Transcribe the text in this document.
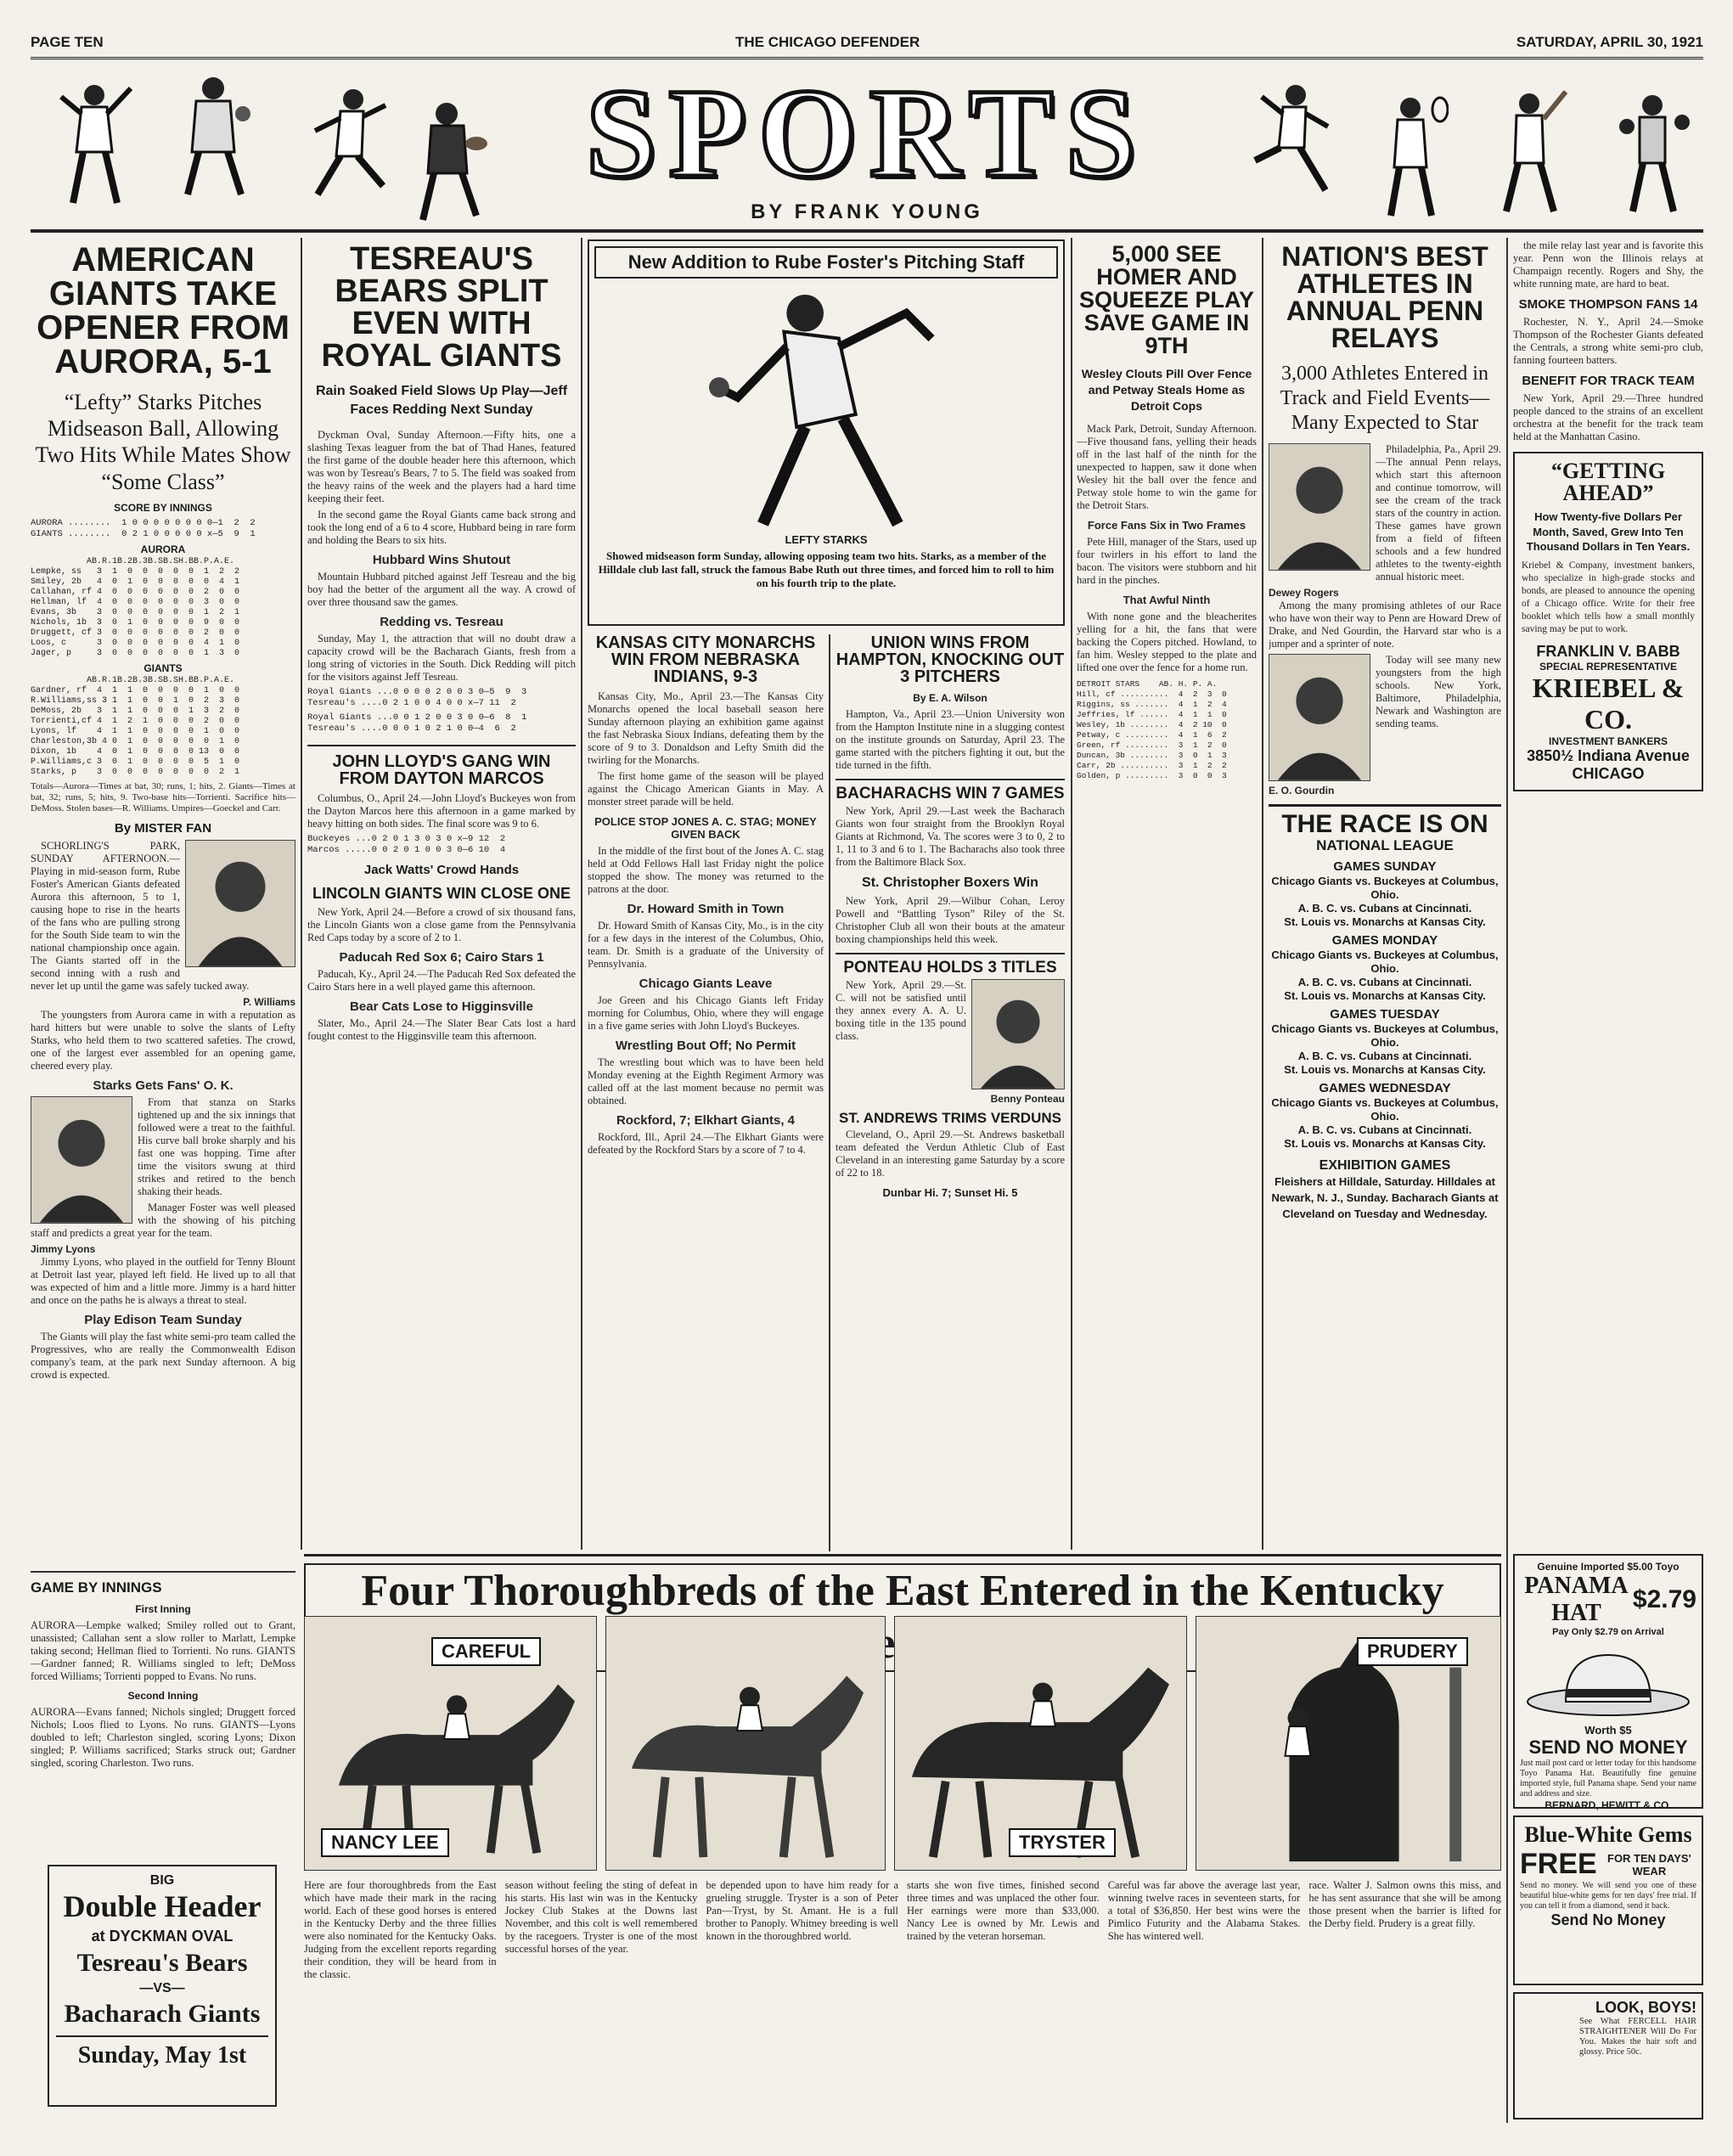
PAGE TEN	THE CHICAGO DEFENDER	SATURDAY, APRIL 30, 1921
SPORTS
BY FRANK YOUNG
AMERICAN GIANTS TAKE OPENER FROM AURORA, 5-1
“Lefty” Starks Pitches Midseason Ball, Allowing Two Hits While Mates Show “Some Class”
SCORE BY INNINGS
AURORA ........  1 0 0 0 0 0 0 0 0—1  2  2
GIANTS ........  0 2 1 0 0 0 0 0 x—5  9  1
AURORA
AB.R.1B.2B.3B.SB.SH.BB.P.A.E.
Lempke, ss   3  1  0  0  0  0  0  1  2  2
Smiley, 2b   4  0  1  0  0  0  0  0  4  1
Callahan, rf 4  0  0  0  0  0  0  2  0  0
Hellman, lf  4  0  0  0  0  0  0  3  0  0
Evans, 3b    3  0  0  0  0  0  0  1  2  1
Nichols, 1b  3  0  1  0  0  0  0  9  0  0
Druggett, cf 3  0  0  0  0  0  0  2  0  0
Loos, c      3  0  0  0  0  0  0  4  1  0
Jager, p     3  0  0  0  0  0  0  1  3  0
GIANTS
AB.R.1B.2B.3B.SB.SH.BB.P.A.E.
Gardner, rf  4  1  1  0  0  0  0  1  0  0
R.Williams,ss 3 1  1  0  0  1  0  2  3  0
DeMoss, 2b   3  1  1  0  0  0  1  3  2  0
Torrienti,cf 4  1  2  1  0  0  0  2  0  0
Lyons, lf    4  1  1  0  0  0  0  1  0  0
Charleston,3b 4 0  1  0  0  0  0  0  1  0
Dixon, 1b    4  0  1  0  0  0  0 13  0  0
P.Williams,c 3  0  1  0  0  0  0  5  1  0
Starks, p    3  0  0  0  0  0  0  0  2  1
Totals—Aurora—Times at bat, 30; runs, 1; hits, 2. Giants—Times at bat, 32; runs, 5; hits, 9. Two-base hits—Torrienti. Sacrifice hits—DeMoss. Stolen bases—R. Williams. Umpires—Goeckel and Carr.
By MISTER FAN

SCHORLING'S PARK, SUNDAY AFTERNOON.—Playing in mid-season form, Rube Foster's American Giants defeated Aurora this afternoon, 5 to 1, causing hope to rise in the hearts of the fans who are pulling strong for the South Side team to win the national championship once again. The Giants started off in the second inning with a rush and never let up until the game was safely tucked away.

P. Williams

The youngsters from Aurora came in with a reputation as hard hitters but were unable to solve the slants of Lefty Starks, who held them to two scattered safeties. The crowd, one of the largest ever assembled for an opening game, cheered every play.

Starks Gets Fans' O. K.

From that stanza on Starks tightened up and the six innings that followed were a treat to the faithful. His curve ball broke sharply and his fast one was hopping. Time after time the visitors swung at third strikes and retired to the bench shaking their heads.

Manager Foster was well pleased with the showing of his pitching staff and predicts a great year for the team.

Jimmy Lyons

Jimmy Lyons, who played in the outfield for Tenny Blount at Detroit last year, played left field. He lived up to all that was expected of him and a little more. Jimmy is a hard hitter and once on the paths he is always a threat to steal.

Play Edison Team Sunday

The Giants will play the fast white semi-pro team called the Progressives, who are really the Commonwealth Edison company's team, at the park next Sunday afternoon. A big crowd is expected.

GAME BY INNINGS
First Inning
AURORA—Lempke walked; Smiley rolled out to Grant, unassisted; Callahan sent a slow roller to Marlatt, Lempke taking second; Hellman flied to Torrienti. No runs. GIANTS—Gardner fanned; R. Williams singled to left; DeMoss forced Williams; Torrienti popped to Evans. No runs.
Second Inning
AURORA—Evans fanned; Nichols singled; Druggett forced Nichols; Loos flied to Lyons. No runs. GIANTS—Lyons doubled to left; Charleston singled, scoring Lyons; Dixon singled; P. Williams sacrificed; Starks struck out; Gardner singled, scoring Charleston. Two runs.
BIG
Double Header
at DYCKMAN OVAL
Tesreau's Bears
—VS—
Bacharach Giants
Sunday, May 1st
TESREAU'S BEARS SPLIT EVEN WITH ROYAL GIANTS
Rain Soaked Field Slows Up Play—Jeff Faces Redding Next Sunday

Dyckman Oval, Sunday Afternoon.—Fifty hits, one a slashing Texas leaguer from the bat of Thad Hanes, featured the first game of the double header here this afternoon, which was won by Tesreau's Bears, 7 to 5. The field was soaked from the heavy rains of the week and the players had a hard time keeping their feet.

In the second game the Royal Giants came back strong and took the long end of a 6 to 4 score, Hubbard being in rare form and holding the Bears to six hits.

Hubbard Wins Shutout

Mountain Hubbard pitched against Jeff Tesreau and the big boy had the better of the argument all the way. A crowd of over three thousand saw the games.

Redding vs. Tesreau

Sunday, May 1, the attraction that will no doubt draw a capacity crowd will be the Bacharach Giants, fresh from a long string of victories in the South. Dick Redding will pitch for the visitors against Jeff Tesreau.

Royal Giants ...0 0 0 0 2 0 0 3 0—5  9  3
Tesreau's ....0 2 1 0 0 4 0 0 x—7 11  2
Royal Giants ...0 0 1 2 0 0 3 0 0—6  8  1
Tesreau's ....0 0 0 1 0 2 1 0 0—4  6  2
JOHN LLOYD'S GANG WIN FROM DAYTON MARCOS

Columbus, O., April 24.—John Lloyd's Buckeyes won from the Dayton Marcos here this afternoon in a game marked by heavy hitting on both sides. The final score was 9 to 6.

Buckeyes ...0 2 0 1 3 0 3 0 x—9 12  2
Marcos .....0 0 2 0 1 0 0 3 0—6 10  4
Jack Watts' Crowd Hands
LINCOLN GIANTS WIN CLOSE ONE

New York, April 24.—Before a crowd of six thousand fans, the Lincoln Giants won a close game from the Pennsylvania Red Caps today by a score of 2 to 1.

Paducah Red Sox 6; Cairo Stars 1

Paducah, Ky., April 24.—The Paducah Red Sox defeated the Cairo Stars here in a well played game this afternoon.

Bear Cats Lose to Higginsville

Slater, Mo., April 24.—The Slater Bear Cats lost a hard fought contest to the Higginsville team this afternoon.

New Addition to Rube Foster's Pitching Staff
LEFTY STARKS
Showed midseason form Sunday, allowing opposing team two hits. Starks, as a member of the Hilldale club last fall, struck the famous Babe Ruth out three times, and forced him to roll to him on his fourth trip to the plate.
KANSAS CITY MONARCHS WIN FROM NEBRASKA INDIANS, 9-3

Kansas City, Mo., April 23.—The Kansas City Monarchs opened the local baseball season here Sunday afternoon playing an exhibition game against the fast Nebraska Sioux Indians, defeating them by the score of 9 to 3. Donaldson and Lefty Smith did the twirling for the Monarchs.

The first home game of the season will be played against the Chicago American Giants in May. A monster street parade will be held.

POLICE STOP JONES A. C. STAG; MONEY GIVEN BACK

In the middle of the first bout of the Jones A. C. stag held at Odd Fellows Hall last Friday night the police stopped the show. The money was returned to the patrons at the door.

Dr. Howard Smith in Town

Dr. Howard Smith of Kansas City, Mo., is in the city for a few days in the interest of the Columbus, Ohio, team. Dr. Smith is a graduate of the University of Pennsylvania.

Chicago Giants Leave

Joe Green and his Chicago Giants left Friday morning for Columbus, Ohio, where they will engage in a five game series with John Lloyd's Buckeyes.

Wrestling Bout Off; No Permit

The wrestling bout which was to have been held Monday evening at the Eighth Regiment Armory was called off at the last moment because no permit was obtained.

Rockford, 7; Elkhart Giants, 4

Rockford, Ill., April 24.—The Elkhart Giants were defeated by the Rockford Stars by a score of 7 to 4.

UNION WINS FROM HAMPTON, KNOCKING OUT 3 PITCHERS
By E. A. Wilson

Hampton, Va., April 23.—Union University won from the Hampton Institute nine in a slugging contest on the institute grounds on Saturday, April 23. The game started with the pitchers fighting it out, but the tide turned in the fifth.

BACHARACHS WIN 7 GAMES

New York, April 29.—Last week the Bacharach Giants won four straight from the Brooklyn Royal Giants at Richmond, Va. The scores were 3 to 0, 2 to 1, 11 to 3 and 6 to 1. The Bacharachs also took three from the Baltimore Black Sox.

St. Christopher Boxers Win

New York, April 29.—Wilbur Cohan, Leroy Powell and “Battling Tyson” Riley of the St. Christopher Club all won their bouts at the amateur boxing championships held this week.

PONTEAU HOLDS 3 TITLES

New York, April 29.—St. C. will not be satisfied until they annex every A. A. U. boxing title in the 135 pound class.

Benny Ponteau
ST. ANDREWS TRIMS VERDUNS

Cleveland, O., April 29.—St. Andrews basketball team defeated the Verdun Athletic Club of East Cleveland in an interesting game Saturday by a score of 22 to 18.

Dunbar Hi. 7; Sunset Hi. 5
5,000 SEE HOMER AND SQUEEZE PLAY SAVE GAME IN 9TH
Wesley Clouts Pill Over Fence and Petway Steals Home as Detroit Cops

Mack Park, Detroit, Sunday Afternoon.—Five thousand fans, yelling their heads off in the last half of the ninth for the unexpected to happen, saw it done when Wesley hit the ball over the fence and Petway stole home to win the game for the Detroit Stars.

Force Fans Six in Two Frames

Pete Hill, manager of the Stars, used up four twirlers in his effort to land the bacon. The visitors were stubborn and hit hard in the pinches.

That Awful Ninth

With none gone and the bleacherites yelling for a hit, the fans that were backing the Copers pitched. Howland, to fan him. Wesley stepped to the plate and lifted one over the fence for a home run.

DETROIT STARS    AB. H. P. A.
Hill, cf ..........  4  2  3  0
Riggins, ss .......  4  1  2  4
Jeffries, lf ......  4  1  1  0
Wesley, 1b ........  4  2 10  0
Petway, c .........  4  1  6  2
Green, rf .........  3  1  2  0
Duncan, 3b ........  3  0  1  3
Carr, 2b ..........  3  1  2  2
Golden, p .........  3  0  0  3
NATION'S BEST ATHLETES IN ANNUAL PENN RELAYS
3,000 Athletes Entered in Track and Field Events—Many Expected to Star

Philadelphia, Pa., April 29.—The annual Penn relays, which start this afternoon and continue tomorrow, will see the cream of the track stars of the country in action. These games have grown from a field of fifteen schools and a few hundred athletes to the twenty-eighth annual historic meet.

Dewey Rogers

Among the many promising athletes of our Race who have won their way to Penn are Howard Drew of Drake, and Ned Gourdin, the Harvard star who is a jumper and a sprinter of note.

Today will see many new youngsters from the high schools. New York, Baltimore, Philadelphia, Newark and Washington are sending teams.

E. O. Gourdin
THE RACE IS ON
NATIONAL LEAGUE
GAMES SUNDAY
Chicago Giants vs. Buckeyes at Columbus, Ohio.
A. B. C. vs. Cubans at Cincinnati.
St. Louis vs. Monarchs at Kansas City.
GAMES MONDAY
Chicago Giants vs. Buckeyes at Columbus, Ohio.
A. B. C. vs. Cubans at Cincinnati.
St. Louis vs. Monarchs at Kansas City.
GAMES TUESDAY
Chicago Giants vs. Buckeyes at Columbus, Ohio.
A. B. C. vs. Cubans at Cincinnati.
St. Louis vs. Monarchs at Kansas City.
GAMES WEDNESDAY
Chicago Giants vs. Buckeyes at Columbus, Ohio.
A. B. C. vs. Cubans at Cincinnati.
St. Louis vs. Monarchs at Kansas City.
EXHIBITION GAMES
Fleishers at Hilldale, Saturday. Hilldales at Newark, N. J., Sunday. Bacharach Giants at Cleveland on Tuesday and Wednesday.

the mile relay last year and is favorite this year. Penn won the Illinois relays at Champaign recently. Rogers and Shy, the white running mate, are hard to beat.

SMOKE THOMPSON FANS 14

Rochester, N. Y., April 24.—Smoke Thompson of the Rochester Giants defeated the Centrals, a strong white semi-pro club, fanning fourteen batters.

BENEFIT FOR TRACK TEAM

New York, April 29.—Three hundred people danced to the strains of an excellent orchestra at the benefit for the track team held at the Manhattan Casino.

“GETTING AHEAD”
How Twenty-five Dollars Per Month, Saved, Grew Into Ten Thousand Dollars in Ten Years.
Kriebel & Company, investment bankers, who specialize in high-grade stocks and bonds, are pleased to announce the opening of a Chicago office. Write for their free booklet which tells how a small monthly saving may be put to work.
FRANKLIN V. BABB
SPECIAL REPRESENTATIVE
KRIEBEL & CO.
INVESTMENT BANKERS
3850½ Indiana Avenue
CHICAGO
Genuine Imported $5.00 Toyo
PANAMA HAT	$2.79
Pay Only $2.79 on Arrival
Worth $5
SEND NO MONEY
Just mail post card or letter today for this handsome Toyo Panama Hat. Beautifully fine genuine imported style, full Panama shape. Send your name and address and size.
BERNARD, HEWITT & CO.
Blue-White Gems
FREE FOR TEN DAYS' WEAR
Send no money. We will send you one of these beautiful blue-white gems for ten days' free trial. If you can tell it from a diamond, send it back.
Send No Money
LOOK, BOYS!
See What FERCELL HAIR STRAIGHTENER Will Do For You. Makes the hair soft and glossy. Price 50c.
Four Thoroughbreds of the East Entered in the Kentucky
CAREFUL
NANCY LEE	TRYSTER
PRUDERY
Here are four thoroughbreds from the East which have made their mark in the racing world. Each of these good horses is entered in the Kentucky Derby and the three fillies were also nominated for the Kentucky Oaks. Judging from the excellent reports regarding their condition, they will be heard from in the classic.
season without feeling the sting of defeat in his starts. His last win was in the Kentucky Jockey Club Stakes at the Downs last November, and this colt is well remembered by the racegoers. Tryster is one of the most successful horses of the year.
be depended upon to have him ready for a grueling struggle. Tryster is a son of Peter Pan—Tryst, by St. Amant. He is a full brother to Panoply. Whitney breeding is well known in the thoroughbred world.
starts she won five times, finished second three times and was unplaced the other four. Her earnings were more than $33,000. Nancy Lee is owned by Mr. Lewis and trained by the veteran horseman.
Careful was far above the average last year, winning twelve races in seventeen starts, for a total of $36,850. Her best wins were the Pimlico Futurity and the Alabama Stakes. She has wintered well.
race. Walter J. Salmon owns this miss, and he has sent assurance that she will be among those present when the barrier is lifted for the Derby field. Prudery is a great filly.
